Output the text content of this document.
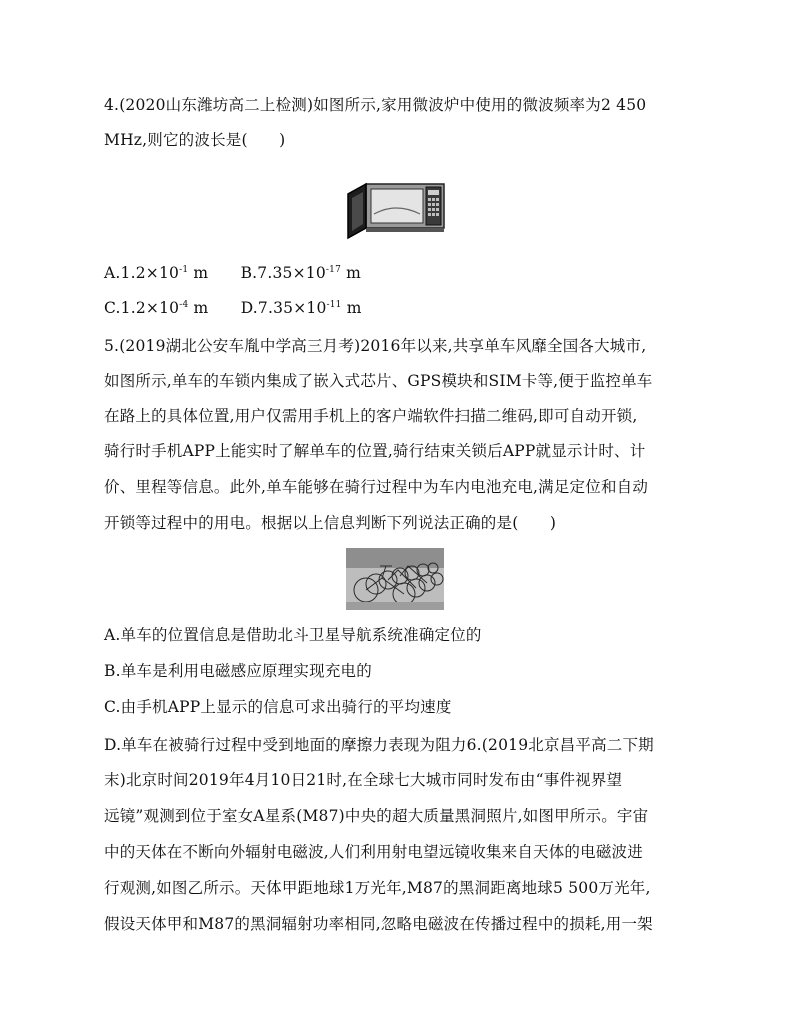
4.(2020山东潍坊高二上检测)如图所示,家用微波炉中使用的微波频率为2 450
MHz,则它的波长是(　　)
$A.1.2\times 10^{-1}$ m $B.7.35\times 10^{-17}$ m
$C.1.2\times 10^{-4}$ m $D.7.35\times 10^{-11}$ m
5.(2019湖北公安车胤中学高三月考)2016年以来,共享单车风靡全国各大城市,
如图所示,单车的车锁内集成了嵌入式芯片、GPS模块和SIM卡等,便于监控单车
在路上的具体位置,用户仅需用手机上的客户端软件扫描二维码,即可自动开锁,
骑行时手机APP上能实时了解单车的位置,骑行结束关锁后APP就显示计时、计
价、里程等信息。此外,单车能够在骑行过程中为车内电池充电,满足定位和自动
开锁等过程中的用电。根据以上信息判断下列说法正确的是(　　)
A.单车的位置信息是借助北斗卫星导航系统准确定位的
B.单车是利用电磁感应原理实现充电的
C.由手机APP上显示的信息可求出骑行的平均速度
D.单车在被骑行过程中受到地面的摩擦力表现为阻力6.(2019北京昌平高二下期
末)北京时间2019年4月10日21时,在全球七大城市同时发布由“事件视界望
远镜”观测到位于室女A星系(M87)中央的超大质量黑洞照片,如图甲所示。宇宙
中的天体在不断向外辐射电磁波,人们利用射电望远镜收集来自天体的电磁波进
行观测,如图乙所示。天体甲距地球1万光年,M87的黑洞距离地球5 500万光年,
假设天体甲和M87的黑洞辐射功率相同,忽略电磁波在传播过程中的损耗,用一架
